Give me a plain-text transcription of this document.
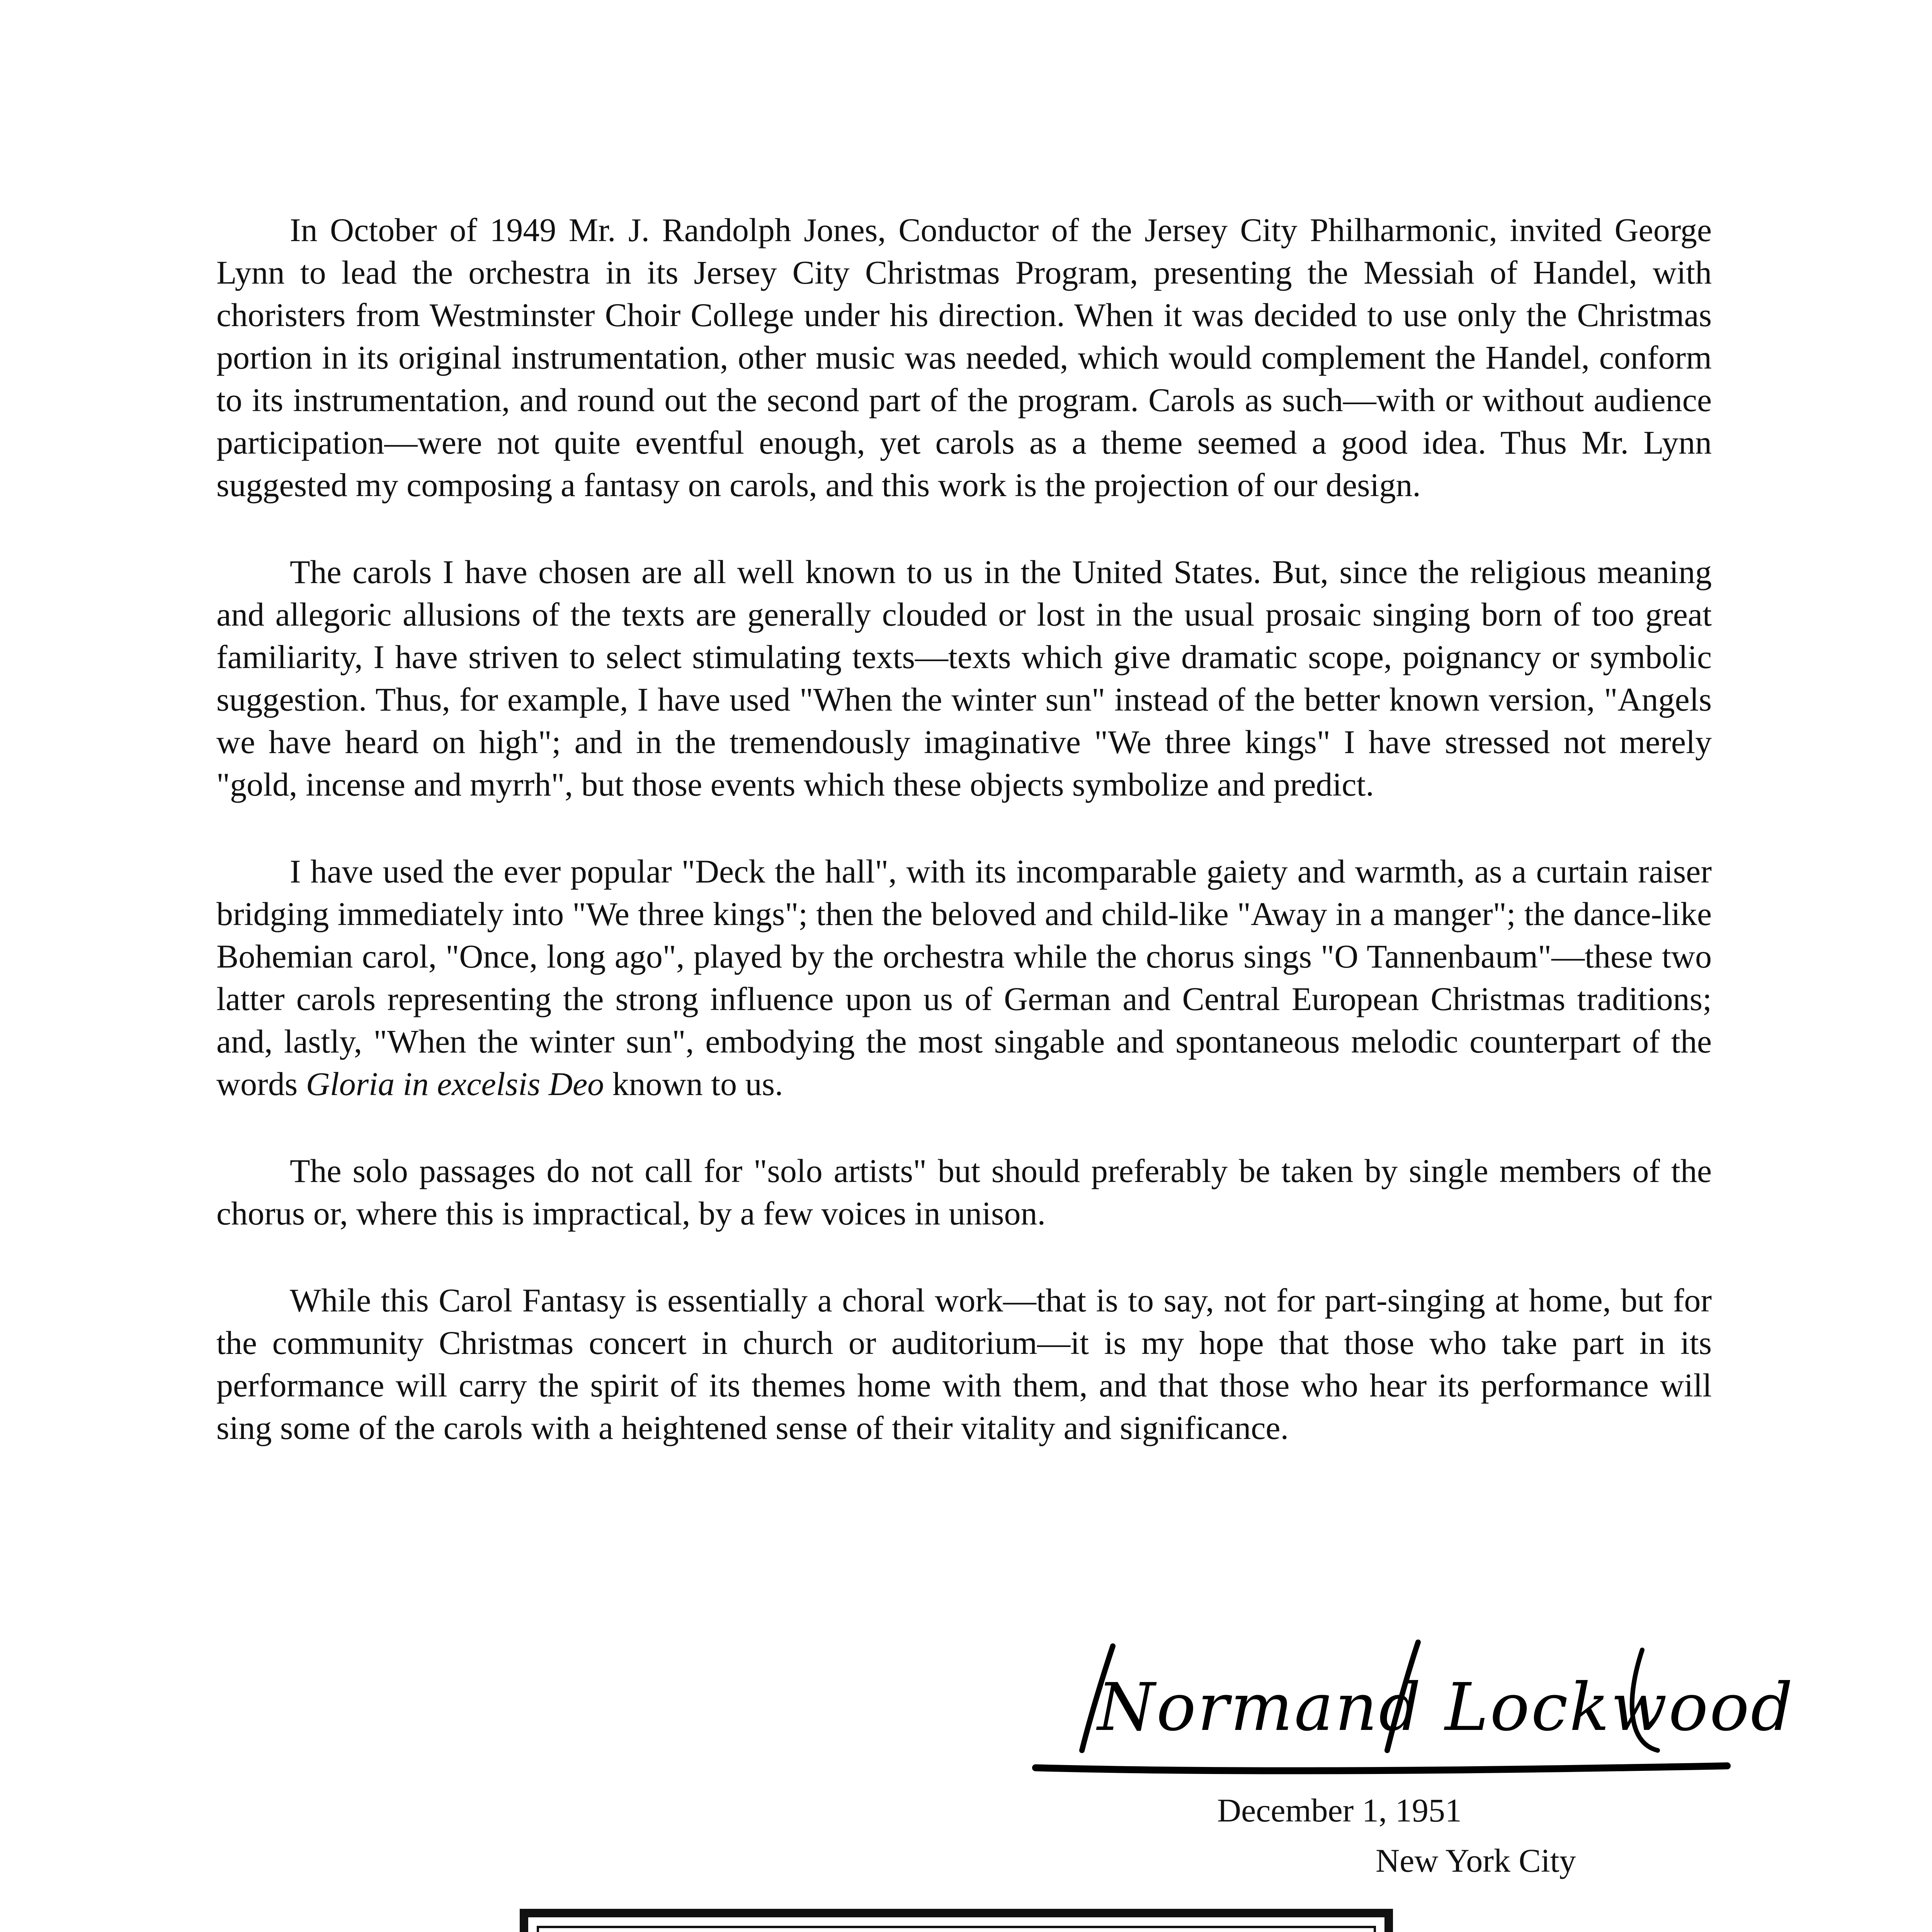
In October of 1949 Mr. J. Randolph Jones, Conductor of the Jersey City Philharmonic, invited George Lynn to lead the orchestra in its Jersey City Christmas Program, presenting the Messiah of Handel, with choristers from Westminster Choir College under his direction. When it was decided to use only the Christmas portion in its original instrumentation, other music was needed, which would complement the Handel, conform to its instrumentation, and round out the second part of the program. Carols as such—with or without audience participation—were not quite eventful enough, yet carols as a theme seemed a good idea. Thus Mr. Lynn suggested my composing a fantasy on carols, and this work is the projection of our design.

The carols I have chosen are all well known to us in the United States. But, since the religious meaning and allegoric allusions of the texts are generally clouded or lost in the usual prosaic singing born of too great familiarity, I have striven to select stimulating texts—texts which give dramatic scope, poignancy or symbolic suggestion. Thus, for example, I have used "When the winter sun" instead of the better known version, "Angels we have heard on high"; and in the tremendously imaginative "We three kings" I have stressed not merely "gold, incense and myrrh", but those events which these objects symbolize and predict.

I have used the ever popular "Deck the hall", with its incomparable gaiety and warmth, as a curtain raiser bridging immediately into "We three kings"; then the beloved and child-like "Away in a manger"; the dance-like Bohemian carol, "Once, long ago", played by the orchestra while the chorus sings "O Tannenbaum"—these two latter carols representing the strong influence upon us of German and Central European Christmas traditions; and, lastly, "When the winter sun", embodying the most singable and spontaneous melodic counterpart of the words Gloria in excelsis Deo known to us.

The solo passages do not call for "solo artists" but should preferably be taken by single members of the chorus or, where this is impractical, by a few voices in unison.

While this Carol Fantasy is essentially a choral work—that is to say, not for part-singing at home, but for the community Christmas concert in church or auditorium—it is my hope that those who take part in its performance will carry the spirit of its themes home with them, and that those who hear its performance will sing some of the carols with a heightened sense of their vitality and significance.

Normand Lockwood
December 1, 1951
New York City
